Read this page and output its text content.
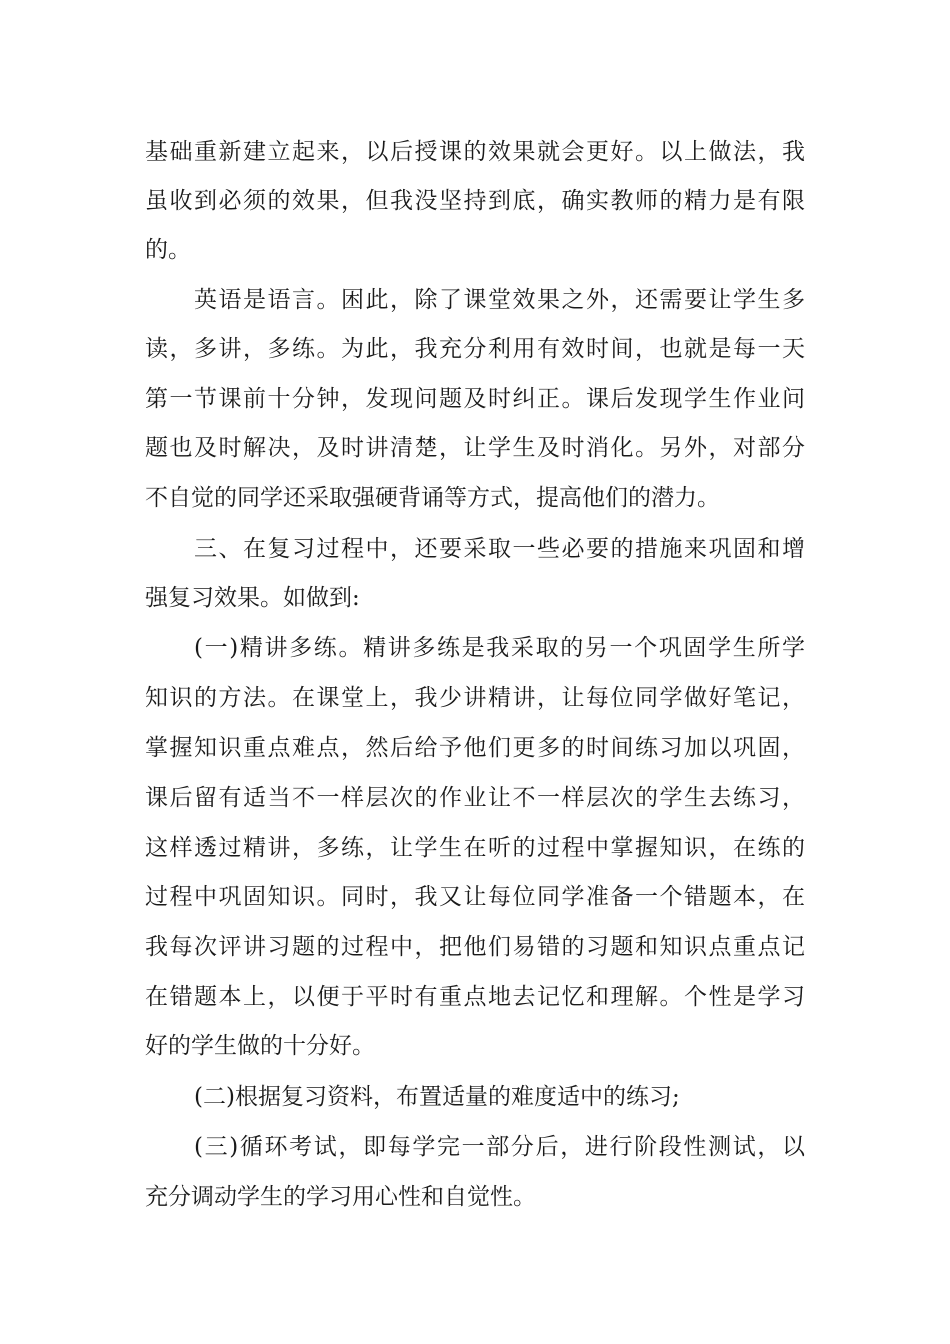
基础重新建立起来，以后授课的效果就会更好。以上做法，我
虽收到必须的效果，但我没坚持到底，确实教师的精力是有限
的。
英语是语言。困此，除了课堂效果之外，还需要让学生多
读，多讲，多练。为此，我充分利用有效时间，也就是每一天
第一节课前十分钟，发现问题及时纠正。课后发现学生作业问
题也及时解决，及时讲清楚，让学生及时消化。另外，对部分
不自觉的同学还采取强硬背诵等方式，提高他们的潜力。
三、在复习过程中，还要采取一些必要的措施来巩固和增
强复习效果。如做到:
(一)精讲多练。精讲多练是我采取的另一个巩固学生所学
知识的方法。在课堂上，我少讲精讲，让每位同学做好笔记，
掌握知识重点难点，然后给予他们更多的时间练习加以巩固，
课后留有适当不一样层次的作业让不一样层次的学生去练习，
这样透过精讲，多练，让学生在听的过程中掌握知识，在练的
过程中巩固知识。同时，我又让每位同学准备一个错题本，在
我每次评讲习题的过程中，把他们易错的习题和知识点重点记
在错题本上，以便于平时有重点地去记忆和理解。个性是学习
好的学生做的十分好。
(二)根据复习资料，布置适量的难度适中的练习;
(三)循环考试，即每学完一部分后，进行阶段性测试，以
充分调动学生的学习用心性和自觉性。
